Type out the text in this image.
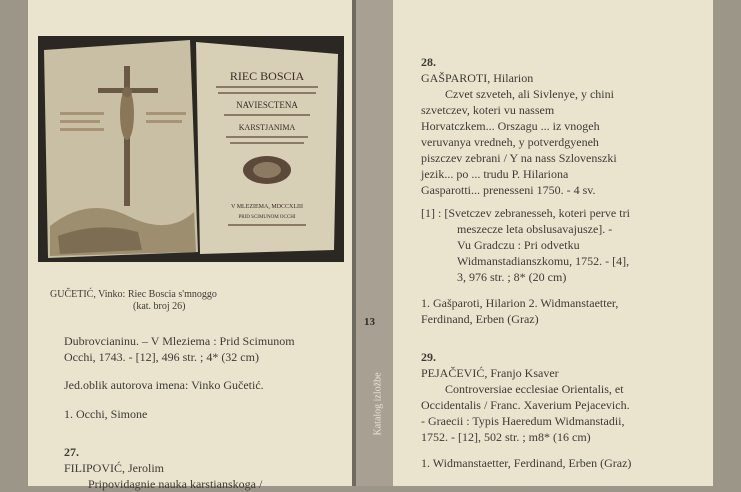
RIEC BOSCIA
NAVIESCTENA
KARSTJANIMA
V MLEZIEMA, MDCCXLIII
PRID SCIMUNOM OCCHI
GUČETIĆ, Vinko: Riec Boscia s'mnoggo
(kat. broj 26)
Dubrovcianinu. – V Mleziema : Prid Scimunom
Occhi, 1743. - [12], 496 str. ; 4* (32 cm)
Jed.oblik autorova imena: Vinko Gučetić.
1. Occhi, Simone
27.
FILIPOVIĆ, Jerolim
Pripovidagnie nauka karstianskoga /
13
Katalog izložbe
28.
GAŠPAROTI, Hilarion
Czvet szveteh, ali Sivlenye, y chini
szvetczev, koteri vu nassem
Horvatczkem... Orszagu ... iz vnogeh
veruvanya vredneh, y potverdgyeneh
piszczev zebrani / Y na nass Szlovenszki
jezik... po ... trudu P. Hilariona
Gasparotti... prenesseni 1750. - 4 sv.
[1] : [Svetczev zebranesseh, koteri perve tri
meszecze leta obslusavajusze]. -
Vu Gradczu : Pri odvetku
Widmanstadianszkomu, 1752. - [4],
3, 976 str. ; 8* (20 cm)
1. Gašparoti, Hilarion 2. Widmanstaetter,
Ferdinand, Erben (Graz)
29.
PEJAČEVIĆ, Franjo Ksaver
Controversiae ecclesiae Orientalis, et
Occidentalis / Franc. Xaverium Pejacevich.
- Graecii : Typis Haeredum Widmanstadii,
1752. - [12], 502 str. ; m8* (16 cm)
1. Widmanstaetter, Ferdinand, Erben (Graz)
